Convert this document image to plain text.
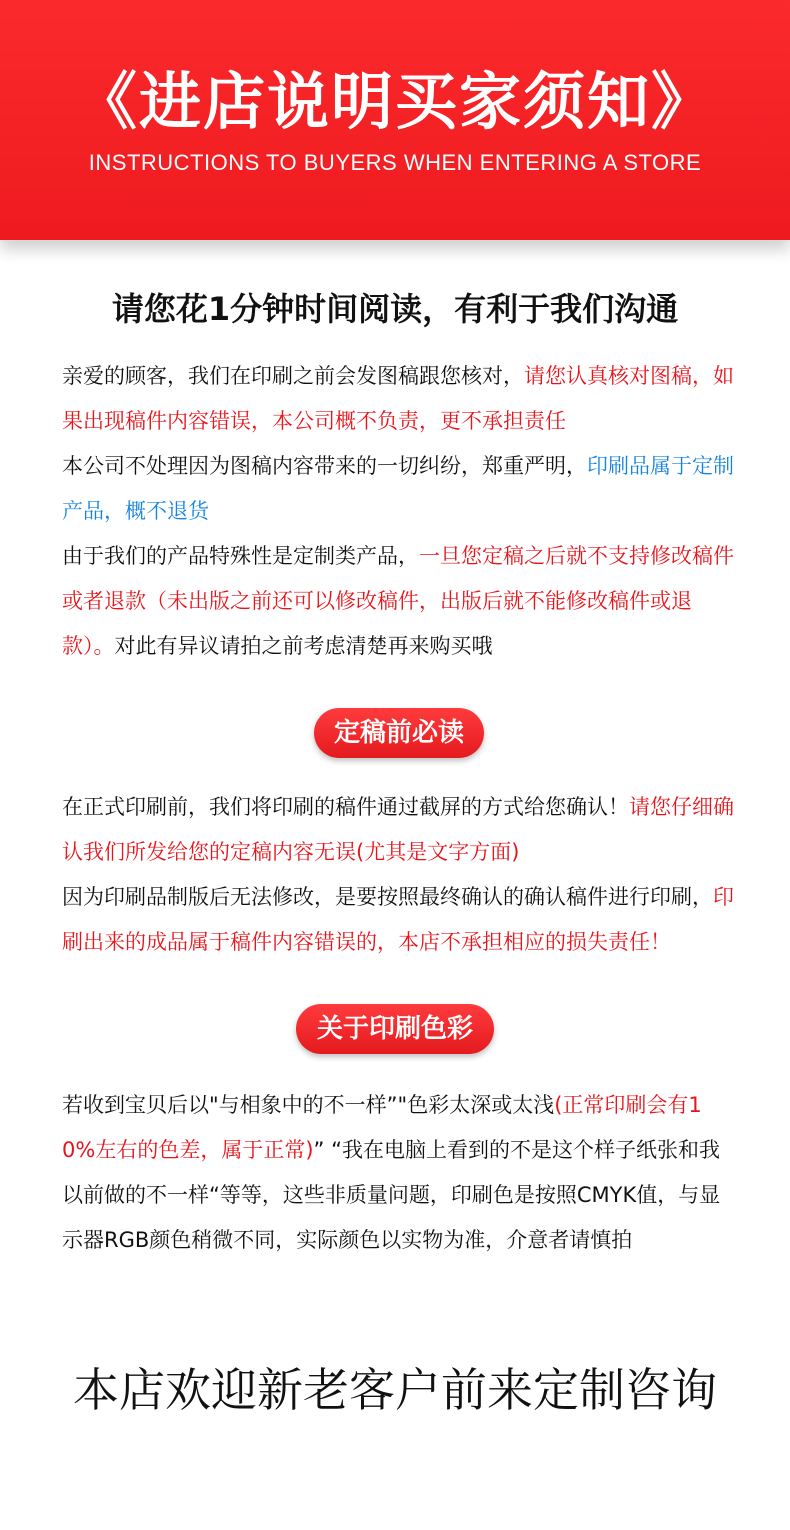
《进店说明买家须知》
INSTRUCTIONS TO BUYERS WHEN ENTERING A STORE
请您花1分钟时间阅读，有利于我们沟通

亲爱的顾客，我们在印刷之前会发图稿跟您核对，请您认真核对图稿，如果出现稿件内容错误，本公司概不负责，更不承担责任
本公司不处理因为图稿内容带来的一切纠纷，郑重严明，印刷品属于定制产品，概不退货
由于我们的产品特殊性是定制类产品，一旦您定稿之后就不支持修改稿件或者退款（未出版之前还可以修改稿件，出版后就不能修改稿件或退款）。对此有异议请拍之前考虑清楚再来购买哦

定稿前必读

在正式印刷前，我们将印刷的稿件通过截屏的方式给您确认！请您仔细确认我们所发给您的定稿内容无误(尤其是文字方面)
因为印刷品制版后无法修改，是要按照最终确认的确认稿件进行印刷，印刷出来的成品属于稿件内容错误的，本店不承担相应的损失责任！

关于印刷色彩

若收到宝贝后以"与相象中的不一样”"色彩太深或太浅(正常印刷会有10%左右的色差，属于正常)” “我在电脑上看到的不是这个样子纸张和我以前做的不一样“等等，这些非质量问题，印刷色是按照CMYK值，与显示器RGB颜色稍微不同，实际颜色以实物为准，介意者请慎拍

本店欢迎新老客户前来定制咨询
